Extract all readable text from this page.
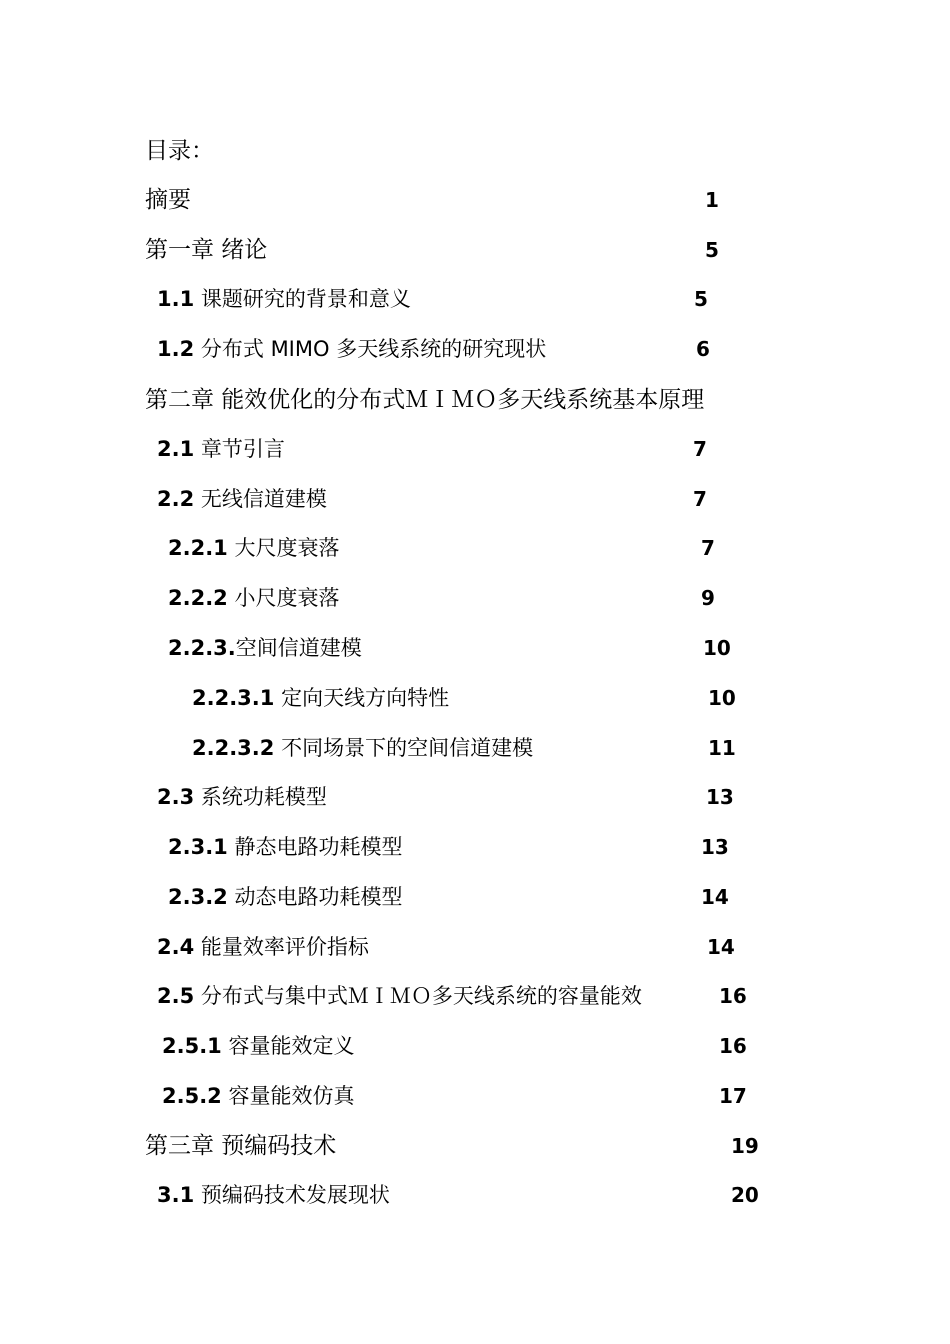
目录：
摘要	1
第一章 绪论	5
1.1 课题研究的背景和意义	5
1.2 分布式 MIMO 多天线系统的研究现状	6
第二章 能效优化的分布式ＭＩＭＯ多天线系统基本原理
2.1 章节引言	7
2.2 无线信道建模	7
2.2.1 大尺度衰落	7
2.2.2 小尺度衰落	9
2.2.3.空间信道建模	10
2.2.3.1 定向天线方向特性	10
2.2.3.2 不同场景下的空间信道建模	11
2.3 系统功耗模型	13
2.3.1 静态电路功耗模型	13
2.3.2 动态电路功耗模型	14
2.4 能量效率评价指标	14
2.5 分布式与集中式ＭＩＭＯ多天线系统的容量能效	16
2.5.1 容量能效定义	16
2.5.2 容量能效仿真	17
第三章 预编码技术	19
3.1 预编码技术发展现状	20
